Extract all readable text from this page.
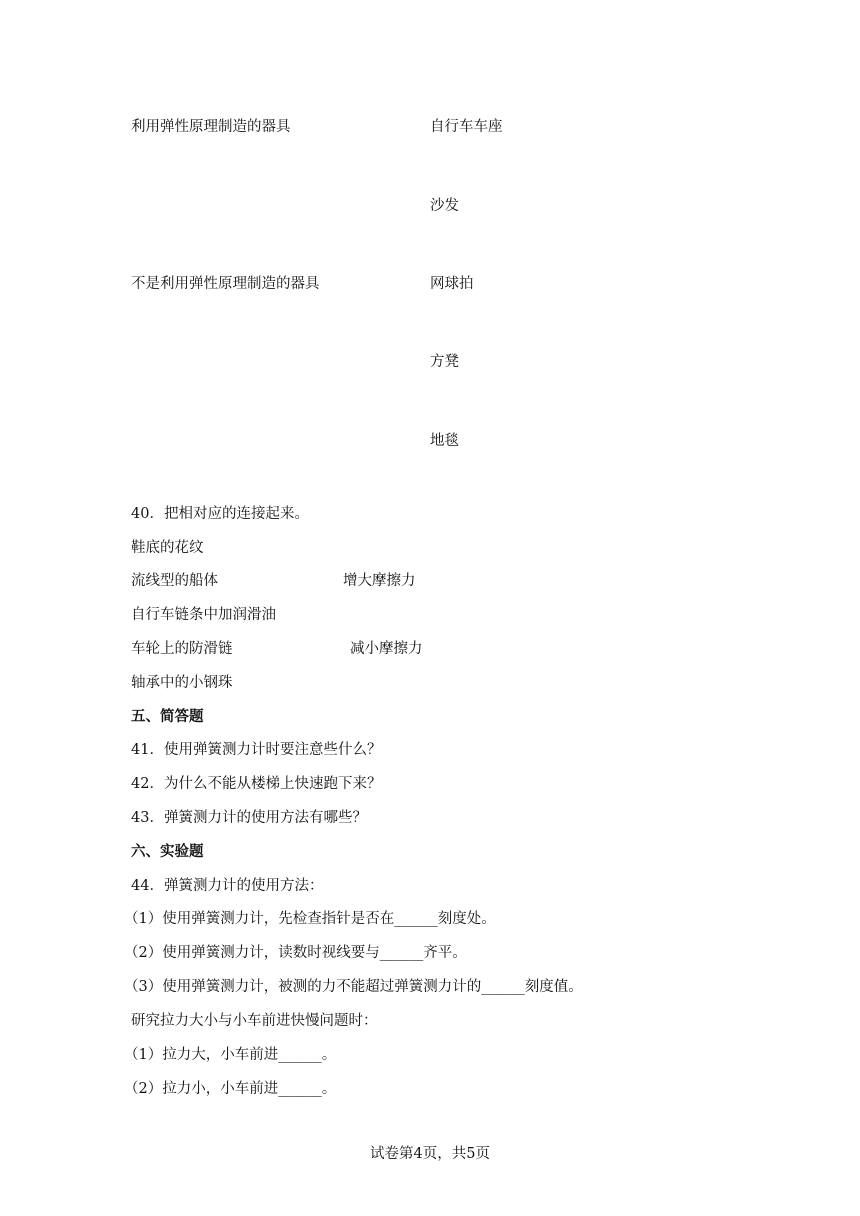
利用弹性原理制造的器具
不是利用弹性原理制造的器具
自行车车座
沙发
网球拍
方凳
地毯
40．把相对应的连接起来。
鞋底的花纹
流线型的船体
自行车链条中加润滑油
车轮上的防滑链
轴承中的小钢珠
增大摩擦力
减小摩擦力
五、简答题
41．使用弹簧测力计时要注意些什么？
42．为什么不能从楼梯上快速跑下来？
43．弹簧测力计的使用方法有哪些？
六、实验题
44．弹簧测力计的使用方法：
（1）使用弹簧测力计，先检查指针是否在______刻度处。
（2）使用弹簧测力计，读数时视线要与______齐平。
（3）使用弹簧测力计，被测的力不能超过弹簧测力计的______刻度值。
研究拉力大小与小车前进快慢问题时：
（1）拉力大，小车前进______。
（2）拉力小，小车前进______。
试卷第4页，共5页
